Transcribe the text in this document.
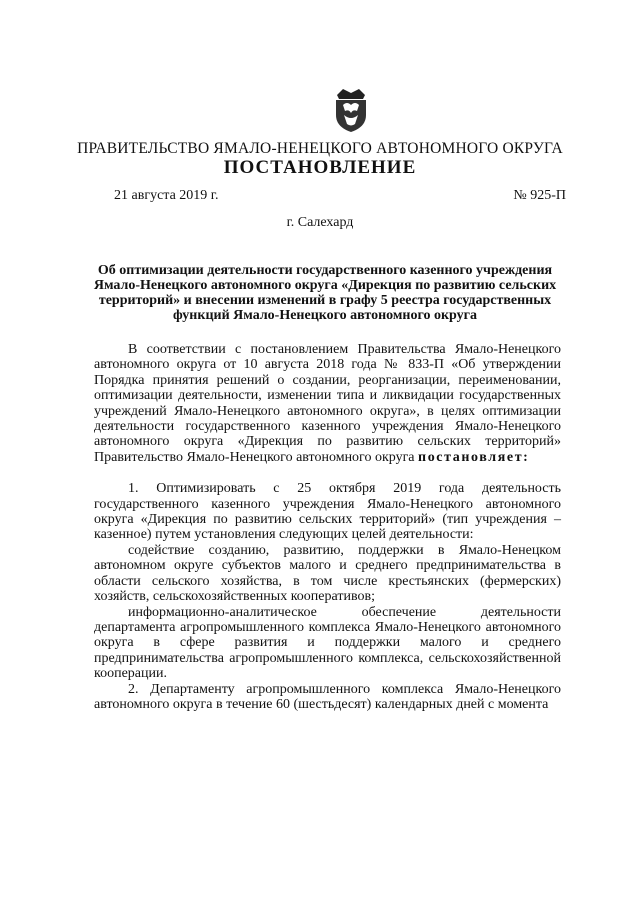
ПРАВИТЕЛЬСТВО ЯМАЛО-НЕНЕЦКОГО АВТОНОМНОГО ОКРУГА
ПОСТАНОВЛЕНИЕ
21 августа 2019 г.	№ 925-П
г. Салехард
Об оптимизации деятельности государственного казенного учреждения Ямало-Ненецкого автономного округа «Дирекция по развитию сельских территорий» и внесении изменений в графу 5 реестра государственных функций Ямало-Ненецкого автономного округа

В соответствии с постановлением Правительства Ямало-Ненецкого автономного округа от 10 августа 2018 года № 833-П «Об утверждении Порядка принятия решений о создании, реорганизации, переименовании, оптимизации деятельности, изменении типа и ликвидации государственных учреждений Ямало-Ненецкого автономного округа», в целях оптимизации деятельности государственного казенного учреждения Ямало-Ненецкого автономного округа «Дирекция по развитию сельских территорий» Правительство Ямало-Ненецкого автономного округа постановляет:

1. Оптимизировать с 25 октября 2019 года деятельность государственного казенного учреждения Ямало-Ненецкого автономного округа «Дирекция по развитию сельских территорий» (тип учреждения – казенное) путем установления следующих целей деятельности:

содействие созданию, развитию, поддержки в Ямало-Ненецком автономном округе субъектов малого и среднего предпринимательства в области сельского хозяйства, в том числе крестьянских (фермерских) хозяйств, сельскохозяйственных кооперативов;

информационно-аналитическое обеспечение деятельности департамента агропромышленного комплекса Ямало-Ненецкого автономного округа в сфере развития и поддержки малого и среднего предпринимательства агропромышленного комплекса, сельскохозяйственной кооперации.

2. Департаменту агропромышленного комплекса Ямало-Ненецкого автономного округа в течение 60 (шестьдесят) календарных дней с момента
